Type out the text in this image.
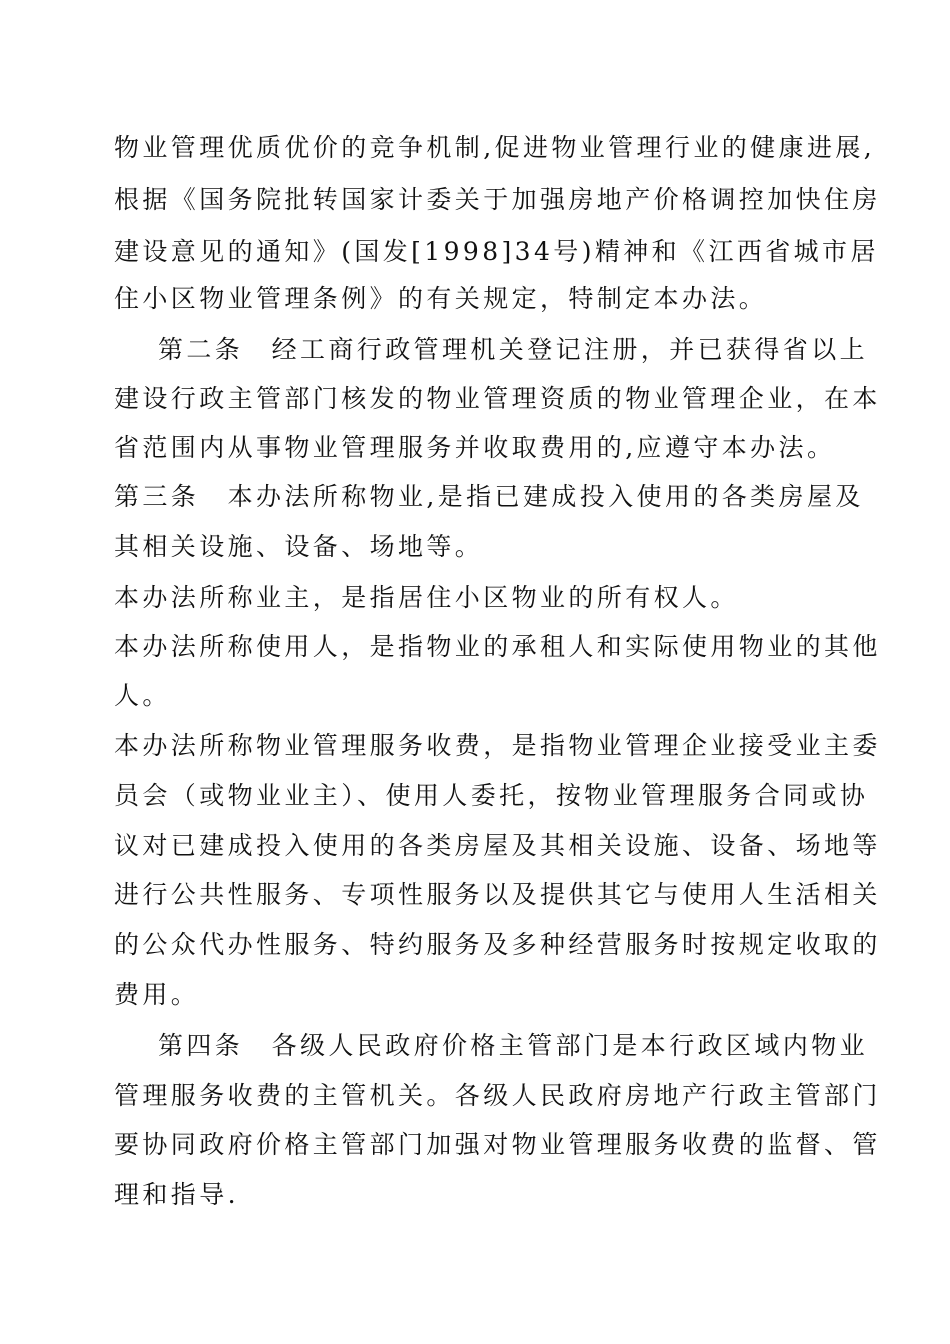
物业管理优质优价的竞争机制,促进物业管理行业的健康进展,
根据《国务院批转国家计委关于加强房地产价格调控加快住房
建设意见的通知》(国发[1998]34号)精神和《江西省城市居
住小区物业管理条例》的有关规定，特制定本办法。
第二条　经工商行政管理机关登记注册，并已获得省以上
建设行政主管部门核发的物业管理资质的物业管理企业，在本
省范围内从事物业管理服务并收取费用的,应遵守本办法。
第三条　本办法所称物业,是指已建成投入使用的各类房屋及
其相关设施、设备、场地等。
本办法所称业主，是指居住小区物业的所有权人。
本办法所称使用人，是指物业的承租人和实际使用物业的其他
人。
本办法所称物业管理服务收费，是指物业管理企业接受业主委
员会（或物业业主）、使用人委托，按物业管理服务合同或协
议对已建成投入使用的各类房屋及其相关设施、设备、场地等
进行公共性服务、专项性服务以及提供其它与使用人生活相关
的公众代办性服务、特约服务及多种经营服务时按规定收取的
费用。
第四条　各级人民政府价格主管部门是本行政区域内物业
管理服务收费的主管机关。各级人民政府房地产行政主管部门
要协同政府价格主管部门加强对物业管理服务收费的监督、管
理和指导.
